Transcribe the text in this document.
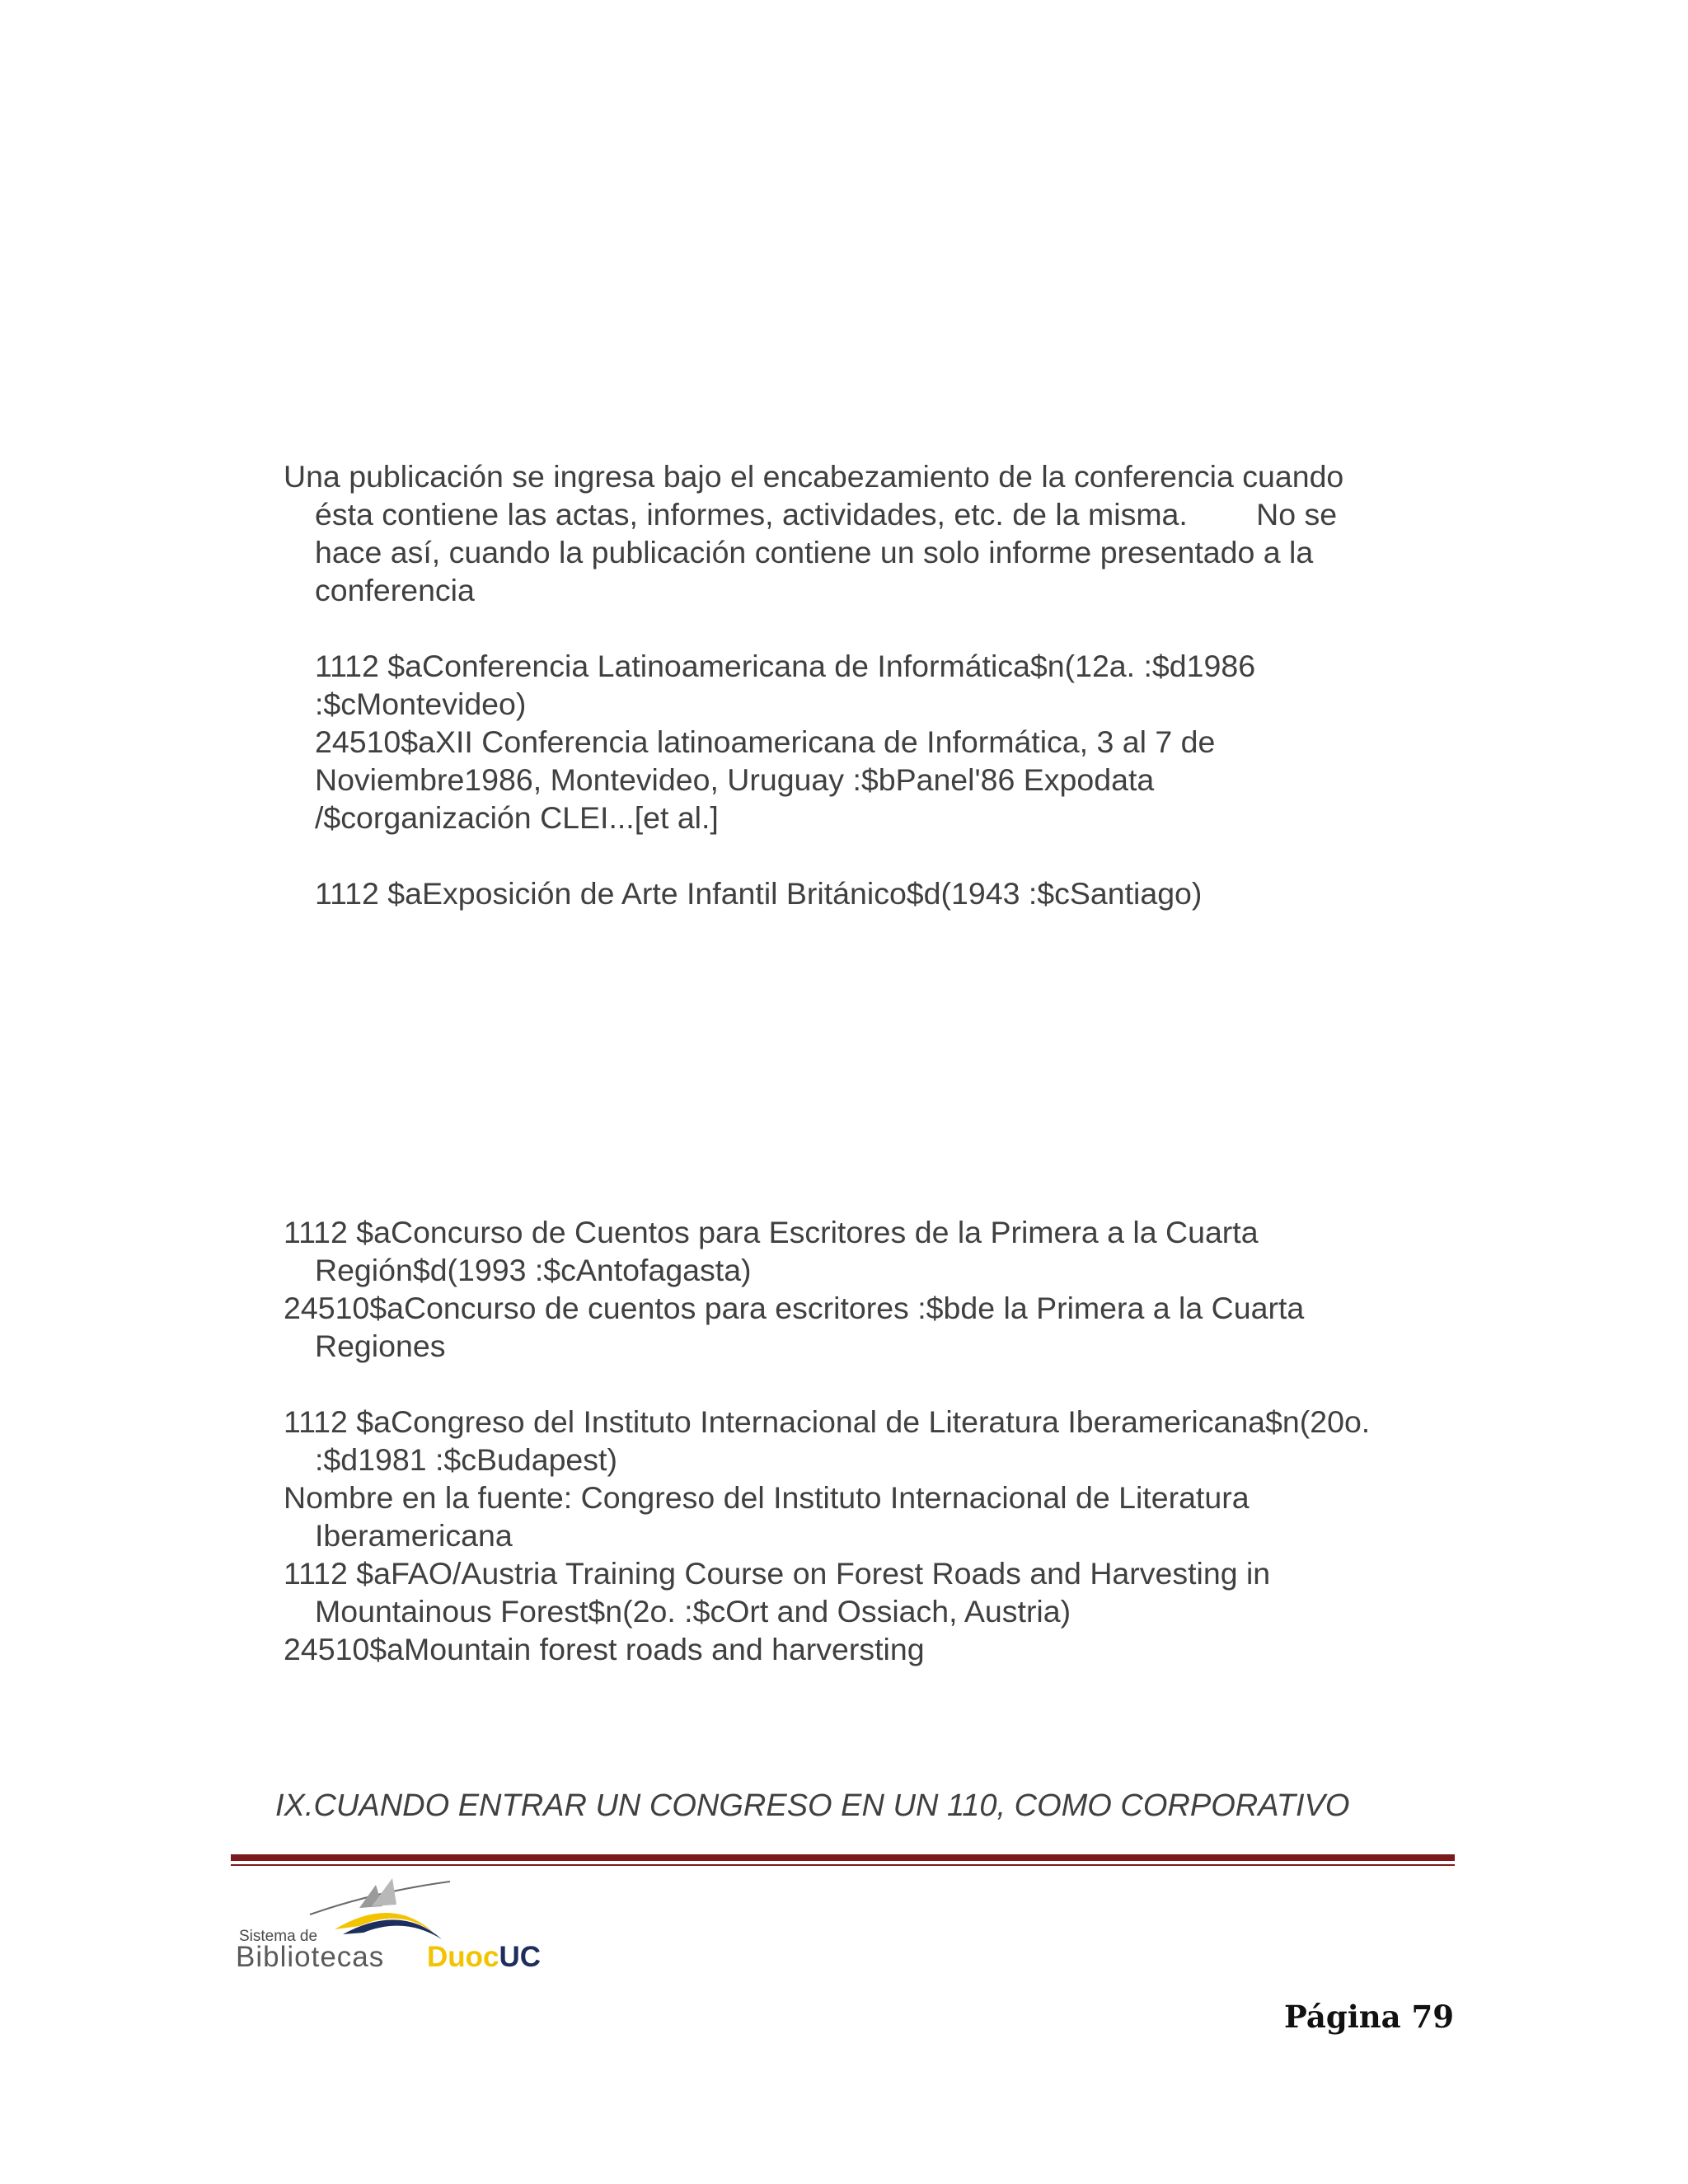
Una publicación se ingresa bajo el encabezamiento de la conferencia cuando
ésta contiene las actas, informes, actividades, etc. de la misma.        No se
hace así, cuando la publicación contiene un solo informe presentado a la
conferencia

1112 $aConferencia Latinoamericana de Informática$n(12a. :$d1986
:$cMontevideo)
24510$aXII Conferencia latinoamericana de Informática, 3 al 7 de
Noviembre1986, Montevideo, Uruguay :$bPanel'86 Expodata
/$corganización CLEI...[et al.]

1112 $aExposición de Arte Infantil Británico$d(1943 :$cSantiago)

1112 $aConcurso de Cuentos para Escritores de la Primera a la Cuarta
Región$d(1993 :$cAntofagasta)

24510$aConcurso de cuentos para escritores :$bde la Primera a la Cuarta
Regiones

1112 $aCongreso del Instituto Internacional de Literatura Iberamericana$n(20o.
:$d1981 :$cBudapest)

Nombre en la fuente: Congreso del Instituto Internacional de Literatura
Iberamericana

1112 $aFAO/Austria Training Course on Forest Roads and Harvesting in
Mountainous Forest$n(2o. :$cOrt and Ossiach, Austria)

24510$aMountain forest roads and harversting

IX.CUANDO ENTRAR UN CONGRESO EN UN 110, COMO CORPORATIVO
Sistema de
Bibliotecas DuocUC
Página 79
